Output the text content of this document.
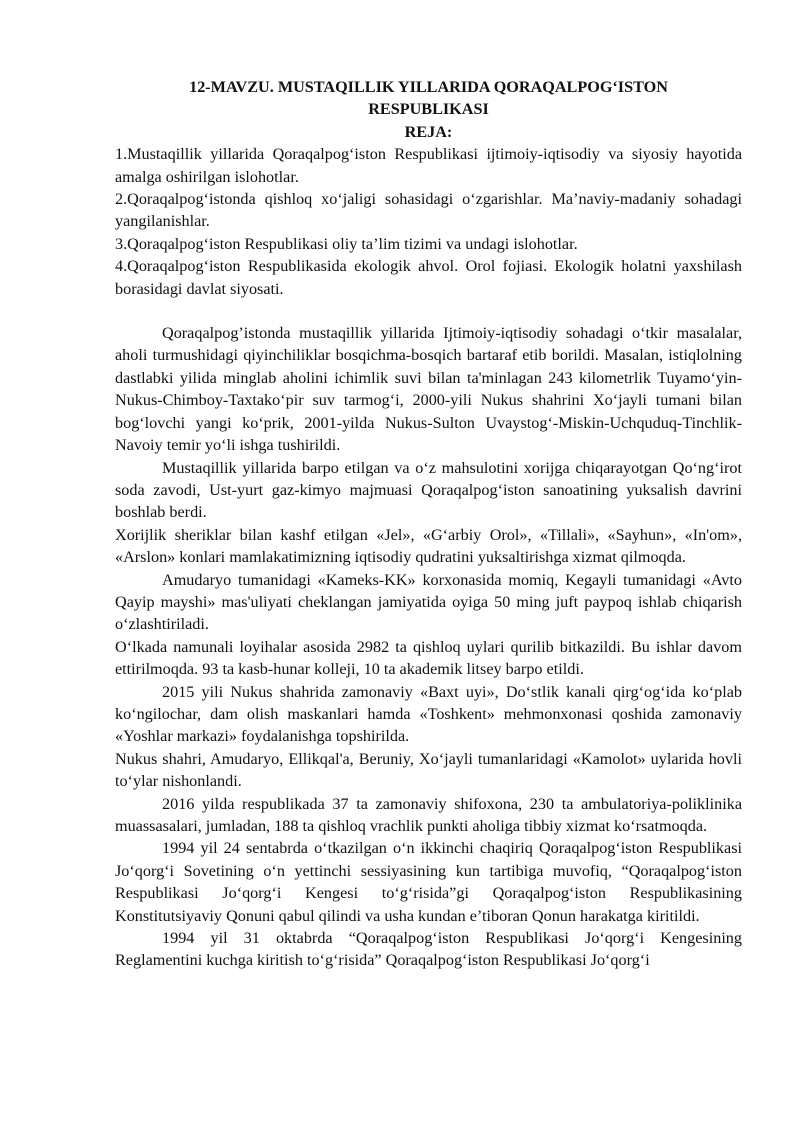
12-MAVZU. MUSTAQILLIK YILLARIDA QORAQALPOG‘ISTON
RESPUBLIKASI
REJA:

1.Mustaqillik yillarida Qoraqalpog‘iston Respublikasi ijtimoiy-iqtisodiy va siyosiy hayotida amalga oshirilgan islohotlar.

2.Qoraqalpog‘istonda qishloq xo‘jaligi sohasidagi o‘zgarishlar. Ma’naviy-madaniy sohadagi yangilanishlar.

3.Qoraqalpog‘iston Respublikasi oliy ta’lim tizimi va undagi islohotlar.

4.Qoraqalpog‘iston Respublikasida ekologik ahvol. Orol fojiasi. Ekologik holatni yaxshilash borasidagi davlat siyosati.

Qoraqalpog’istonda mustaqillik yillarida Ijtimoiy-iqtisodiy sohadagi o‘tkir masalalar, aholi turmushidagi qiyinchiliklar bosqichma-bosqich bartaraf etib borildi. Masalan, istiqlolning dastlabki yilida minglab aholini ichimlik suvi bilan ta'minlagan 243 kilometrlik Tuyamo‘yin-Nukus-Chimboy-Taxtako‘pir suv tarmog‘i, 2000-yili Nukus shahrini Xo‘jayli tumani bilan bog‘lovchi yangi ko‘prik, 2001-yilda Nukus-Sulton Uvaystog‘-Miskin-Uchquduq-Tinchlik-Navoiy temir yo‘li ishga tushirildi.

Mustaqillik yillarida barpo etilgan va o‘z mahsulotini xorijga chiqarayotgan Qo‘ng‘irot soda zavodi, Ust-yurt gaz-kimyo majmuasi Qoraqalpog‘iston sanoatining yuksalish davrini boshlab berdi.

Xorijlik sheriklar bilan kashf etilgan «Jel», «G‘arbiy Orol», «Tillali», «Sayhun», «In'om», «Arslon» konlari mamlakatimizning iqtisodiy qudratini yuksaltirishga xizmat qilmoqda.

Amudaryo tumanidagi «Kameks-KK» korxonasida momiq, Kegayli tumanidagi «Avto Qayip mayshi» mas'uliyati cheklangan jamiyatida oyiga 50 ming juft paypoq ishlab chiqarish o‘zlashtiriladi.

O‘lkada namunali loyihalar asosida 2982 ta qishloq uylari qurilib bitkazildi. Bu ishlar davom ettirilmoqda. 93 ta kasb-hunar kolleji, 10 ta akademik litsey barpo etildi.

2015 yili Nukus shahrida zamonaviy «Baxt uyi», Do‘stlik kanali qirg‘og‘ida ko‘plab ko‘ngilochar, dam olish maskanlari hamda «Toshkent» mehmonxonasi qoshida zamonaviy «Yoshlar markazi» foydalanishga topshirilda.

Nukus shahri, Amudaryo, Ellikqal'a, Beruniy, Xo‘jayli tumanlaridagi «Kamolot» uylarida hovli to‘ylar nishonlandi.

2016 yilda respublikada 37 ta zamonaviy shifoxona, 230 ta ambulatoriya-poliklinika muassasalari, jumladan, 188 ta qishloq vrachlik punkti aholiga tibbiy xizmat ko‘rsatmoqda.

1994 yil 24 sentabrda o‘tkazilgan o‘n ikkinchi chaqiriq Qoraqalpog‘iston Respublikasi Jo‘qorg‘i Sovetining o‘n yettinchi sessiyasining kun tartibiga muvofiq, “Qoraqalpog‘iston Respublikasi Jo‘qorg‘i Kengesi to‘g‘risida”gi Qoraqalpog‘iston Respublikasining Konstitutsiyaviy Qonuni qabul qilindi va usha kundan e’tiboran Qonun harakatga kiritildi.

1994 yil 31 oktabrda “Qoraqalpog‘iston Respublikasi Jo‘qorg‘i Kengesining Reglamentini kuchga kiritish to‘g‘risida” Qoraqalpog‘iston Respublikasi Jo‘qorg‘i
